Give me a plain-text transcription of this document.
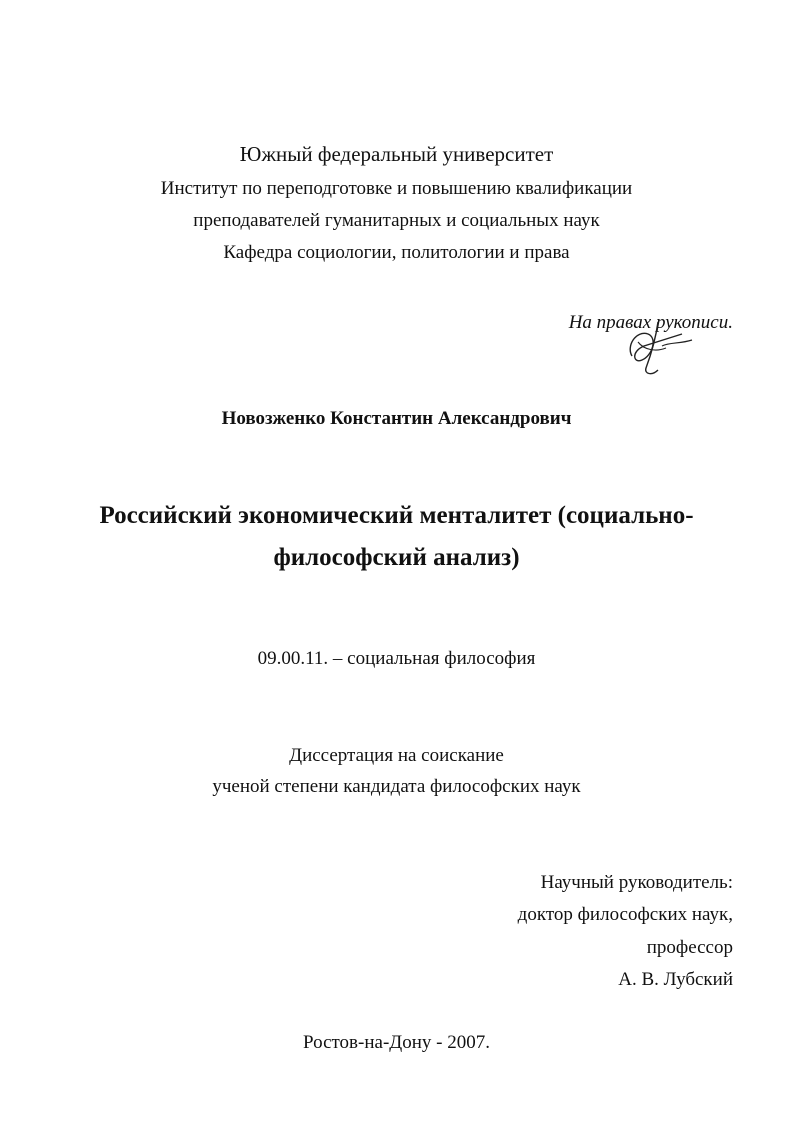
Южный федеральный университет
Институт по переподготовке и повышению квалификации
преподавателей гуманитарных и социальных наук
Кафедра социологии, политологии и права
На правах рукописи.
Новозженко Константин Александрович
Российский экономический менталитет (социально-
философский анализ)
09.00.11. – социальная философия
Диссертация на соискание
ученой степени кандидата философских наук
Научный руководитель:
доктор философских наук,
профессор
А. В. Лубский
Ростов-на-Дону - 2007.
